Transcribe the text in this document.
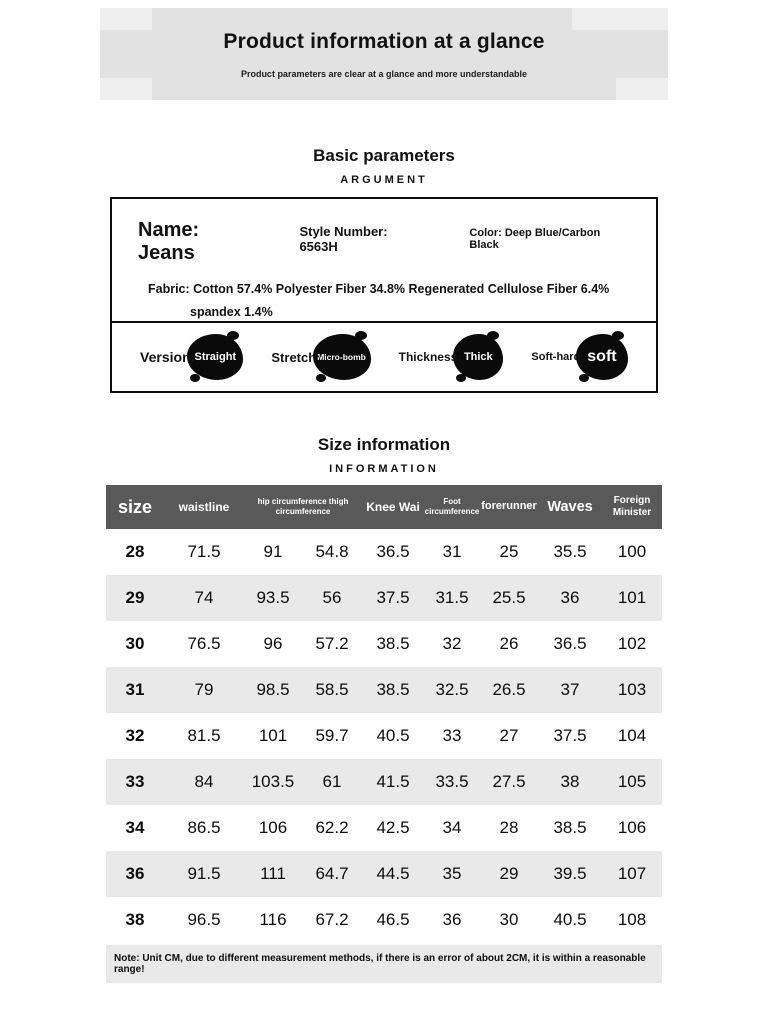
Product information at a glance
Product parameters are clear at a glance and more understandable
Basic parameters
ARGUMENT
Name: Jeans
Style Number: 6563H
Color: Deep Blue/Carbon Black
Fabric: Cotton 57.4% Polyester Fiber 34.8% Regenerated Cellulose Fiber 6.4%
spandex 1.4%
Version: Straight	Stretch:
Micro-bomb	Thickness: Thick	Soft-hard: soft
Size information
INFORMATION
size	waistline	hip circumference thigh circumference		Knee Wai	Foot circumference	forerunner	Waves	Foreign Minister
28	71.5	91	54.8	36.5	31	25	35.5	100
29	74	93.5	56	37.5	31.5	25.5	36	101
30	76.5	96	57.2	38.5	32	26	36.5	102
31	79	98.5	58.5	38.5	32.5	26.5	37	103
32	81.5	101	59.7	40.5	33	27	37.5	104
33	84	103.5	61	41.5	33.5	27.5	38	105
34	86.5	106	62.2	42.5	34	28	38.5	106
36	91.5	111	64.7	44.5	35	29	39.5	107
38	96.5	116	67.2	46.5	36	30	40.5	108
Note: Unit CM, due to different measurement methods, if there is an error of about 2CM, it is within a reasonable range!
